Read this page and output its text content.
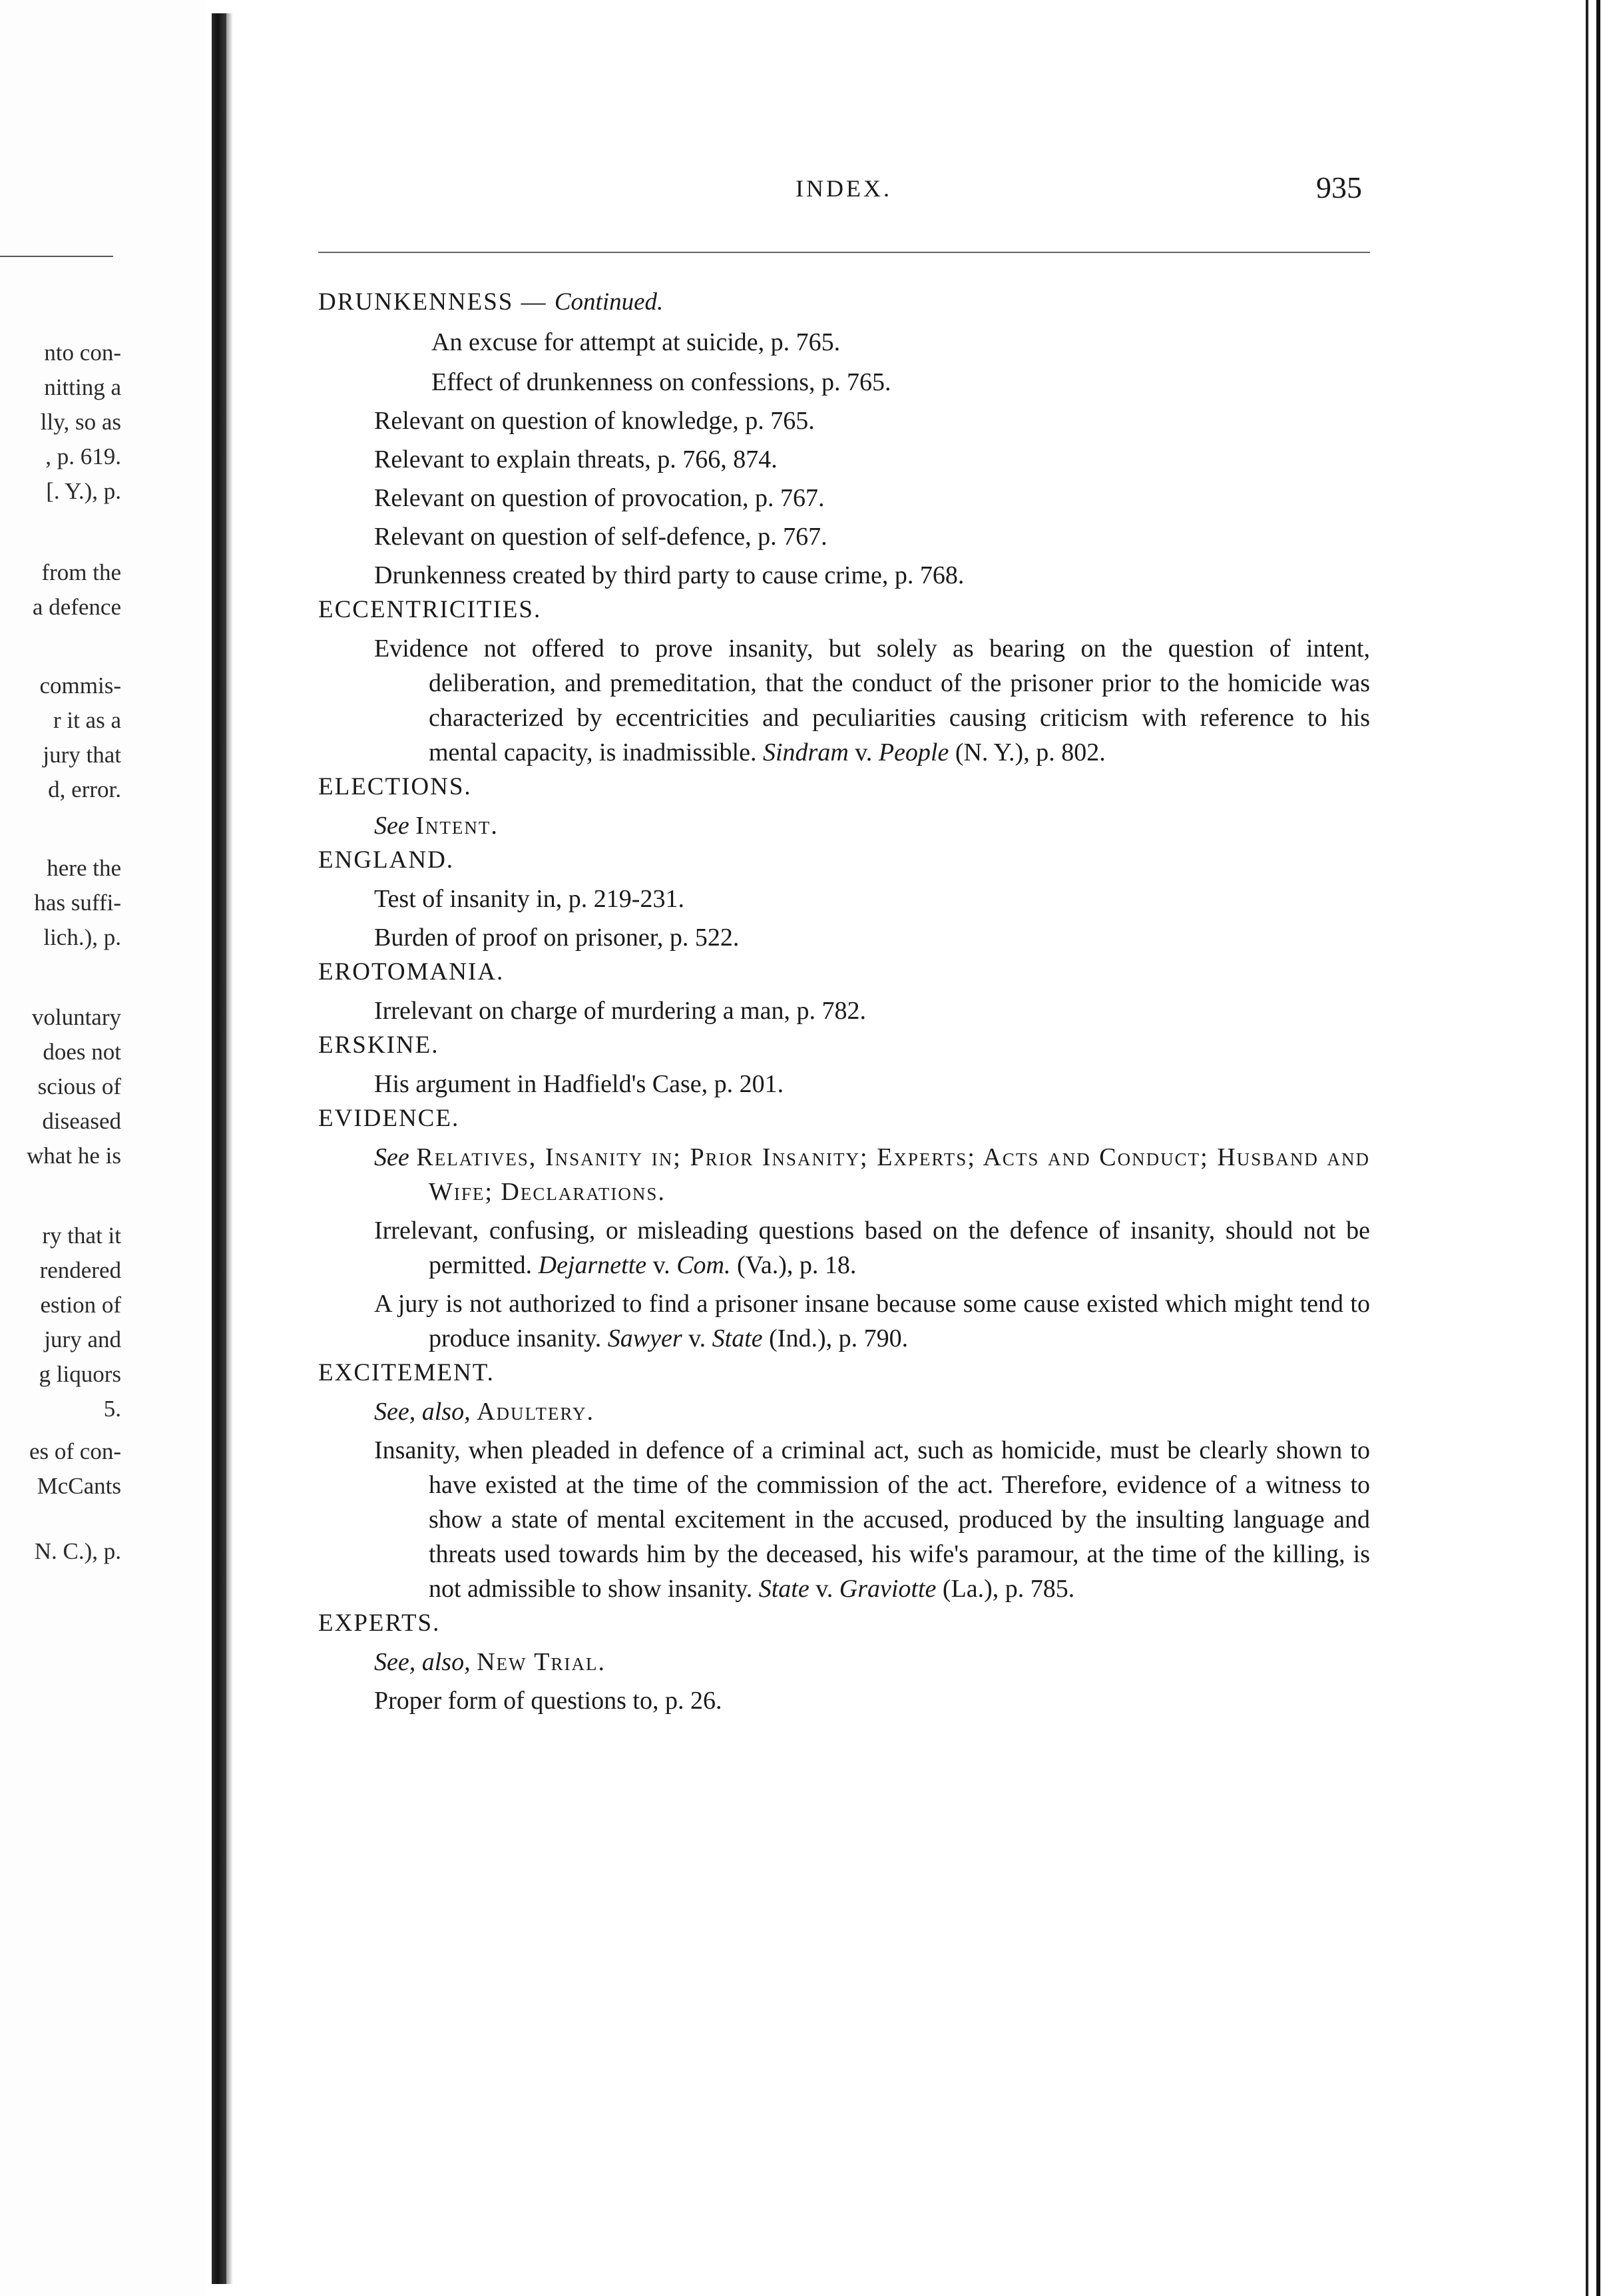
nto con-
nitting a
lly, so as
, p. 619.
[. Y.), p.
from the
a defence
commis-
r it as a
jury that
d, error.
here the
has suffi-
lich.), p.
voluntary
does not
scious of
diseased
what he is
ry that it
rendered
estion of
jury and
g liquors
5.
es of con-
McCants
N. C.), p.
INDEX.	935

DRUNKENNESS — Continued.

An excuse for attempt at suicide, p. 765.

Effect of drunkenness on confessions, p. 765.

Relevant on question of knowledge, p. 765.

Relevant to explain threats, p. 766, 874.

Relevant on question of provocation, p. 767.

Relevant on question of self-defence, p. 767.

Drunkenness created by third party to cause crime, p. 768.

ECCENTRICITIES.

Evidence not offered to prove insanity, but solely as bearing on the question of intent, deliberation, and premeditation, that the conduct of the prisoner prior to the homicide was characterized by eccentricities and peculiarities causing criticism with reference to his mental capacity, is inadmissible. Sindram v. People (N. Y.), p. 802.

ELECTIONS.

See Intent.

ENGLAND.

Test of insanity in, p. 219-231.

Burden of proof on prisoner, p. 522.

EROTOMANIA.

Irrelevant on charge of murdering a man, p. 782.

ERSKINE.

His argument in Hadfield's Case, p. 201.

EVIDENCE.

See Relatives, Insanity in; Prior Insanity; Experts; Acts and Conduct; Husband and Wife; Declarations.

Irrelevant, confusing, or misleading questions based on the defence of insanity, should not be permitted. Dejarnette v. Com. (Va.), p. 18.

A jury is not authorized to find a prisoner insane because some cause existed which might tend to produce insanity. Sawyer v. State (Ind.), p. 790.

EXCITEMENT.

See, also, Adultery.

Insanity, when pleaded in defence of a criminal act, such as homicide, must be clearly shown to have existed at the time of the commission of the act. Therefore, evidence of a witness to show a state of mental excitement in the accused, produced by the insulting language and threats used towards him by the deceased, his wife's paramour, at the time of the killing, is not admissible to show insanity. State v. Graviotte (La.), p. 785.

EXPERTS.

See, also, New Trial.

Proper form of questions to, p. 26.
